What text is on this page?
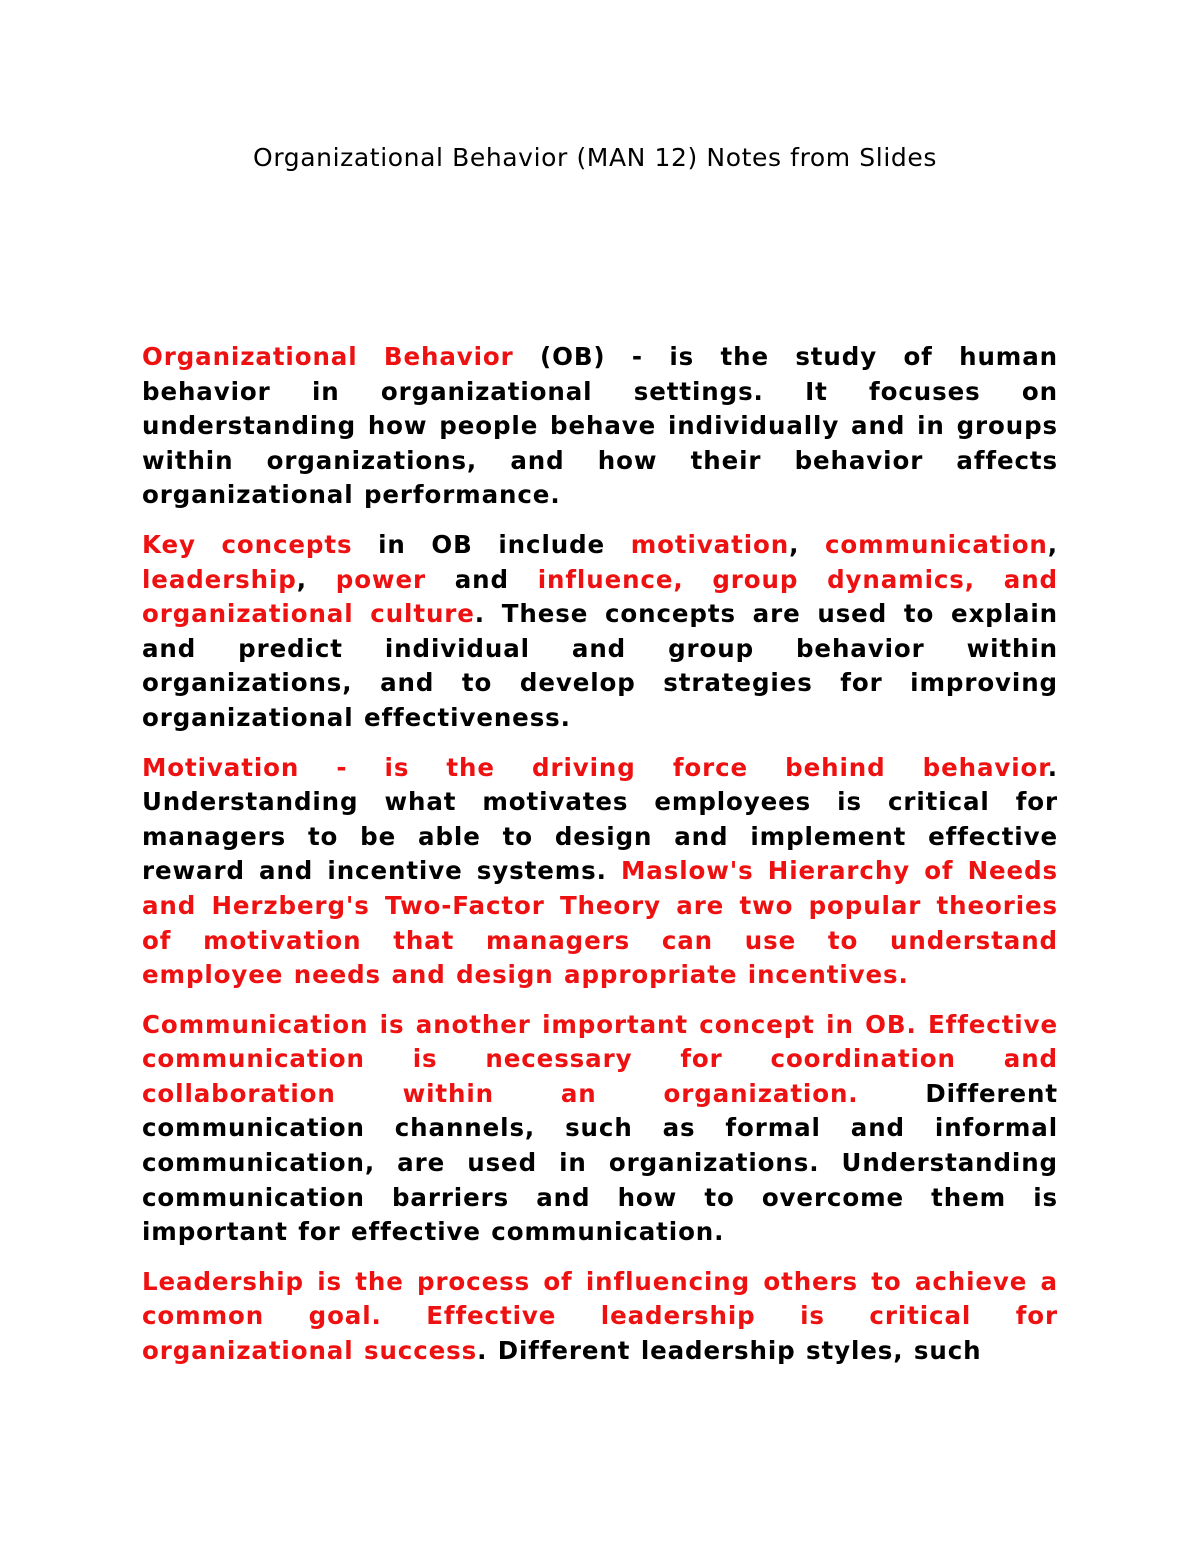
Organizational Behavior (MAN 12) Notes from Slides

Organizational Behavior (OB) - is the study of human behavior in organizational settings. It focuses on understanding how people behave individually and in groups within organizations, and how their behavior affects organizational performance.

Key concepts in OB include motivation, communication, leadership, power and influence, group dynamics, and organizational culture. These concepts are used to explain and predict individual and group behavior within organizations, and to develop strategies for improving organizational effectiveness.

Motivation - is the driving force behind behavior. Understanding what motivates employees is critical for managers to be able to design and implement effective reward and incentive systems. Maslow's Hierarchy of Needs and Herzberg's Two-Factor Theory are two popular theories of motivation that managers can use to understand employee needs and design appropriate incentives.

Communication is another important concept in OB. Effective communication is necessary for coordination and collaboration within an organization. Different communication channels, such as formal and informal communication, are used in organizations. Understanding communication barriers and how to overcome them is important for effective communication.

Leadership is the process of influencing others to achieve a common goal. Effective leadership is critical for organizational success. Different leadership styles, such
